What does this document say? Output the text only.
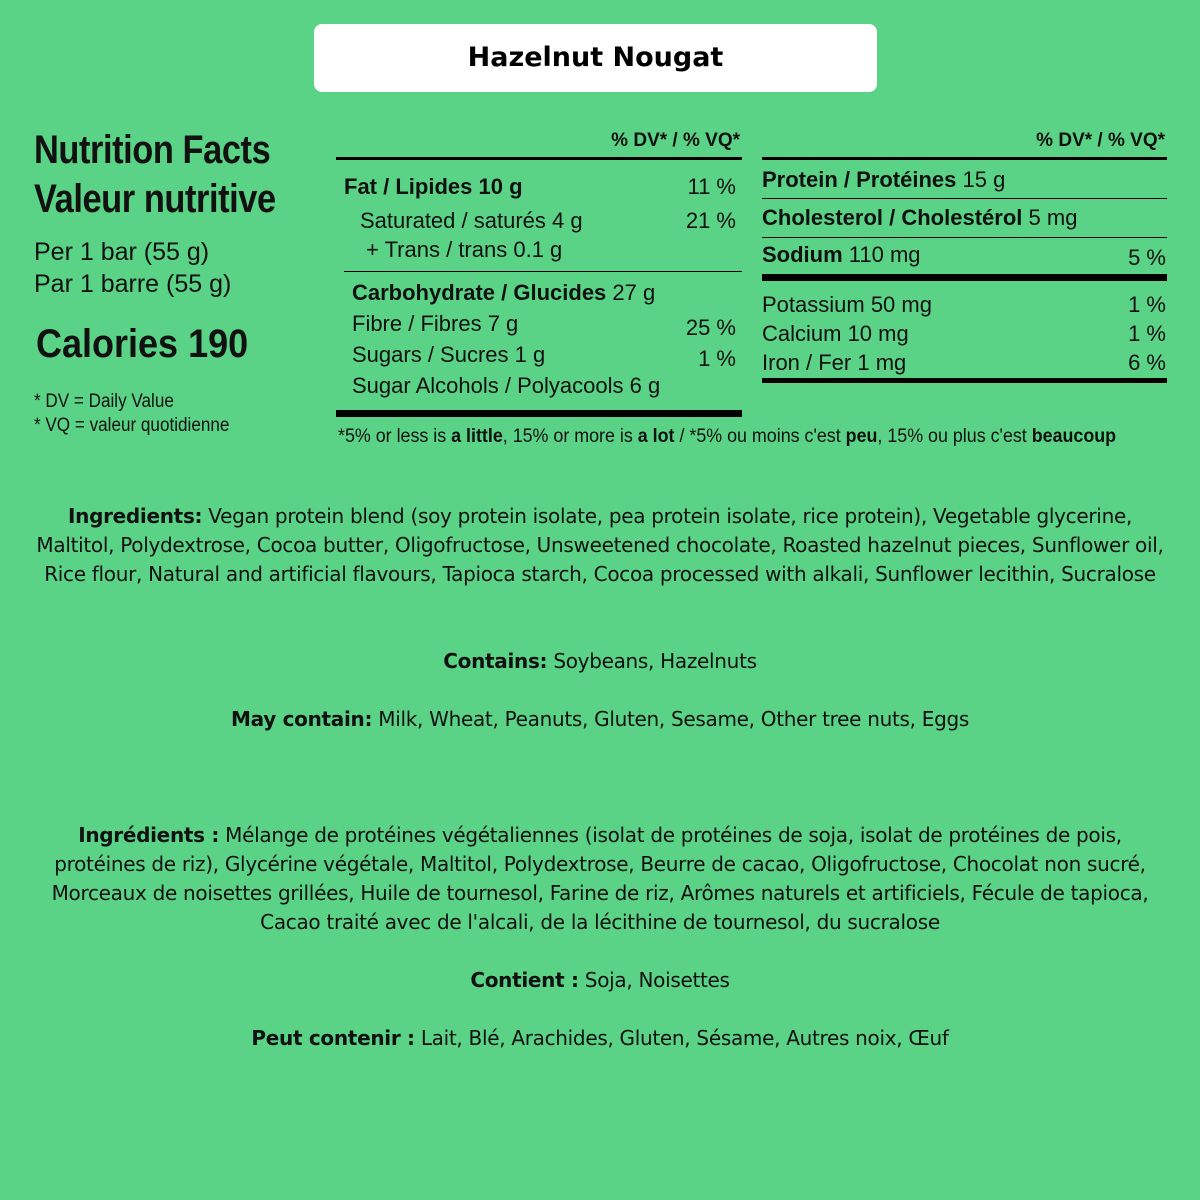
Hazelnut Nougat
Nutrition Facts
Valeur nutritive
Per 1 bar (55 g)
Par 1 barre (55 g)
Calories 190
* DV = Daily Value
* VQ = valeur quotidienne
% DV* / % VQ*
Fat / Lipides 10 g	11 %
Saturated / saturés 4 g	21 %
+ Trans / trans 0.1 g
Carbohydrate / Glucides 27 g
Fibre / Fibres 7 g	25 %
Sugars / Sucres 1 g	1 %
Sugar Alcohols / Polyacools 6 g
% DV* / % VQ*
Protein / Protéines 15 g
Cholesterol / Cholestérol 5 mg
Sodium 110 mg	5 %
Potassium 50 mg	1 %
Calcium 10 mg	1 %
Iron / Fer 1 mg	6 %
*5% or less is a little, 15% or more is a lot / *5% ou moins c'est peu, 15% ou plus c'est beaucoup
Ingredients: Vegan protein blend (soy protein isolate, pea protein isolate, rice protein), Vegetable glycerine, Maltitol, Polydextrose, Cocoa butter, Oligofructose, Unsweetened chocolate, Roasted hazelnut pieces, Sunflower oil, Rice flour, Natural and artificial flavours, Tapioca starch, Cocoa processed with alkali, Sunflower lecithin, Sucralose
Contains: Soybeans, Hazelnuts
May contain: Milk, Wheat, Peanuts, Gluten, Sesame, Other tree nuts, Eggs
Ingrédients : Mélange de protéines végétaliennes (isolat de protéines de soja, isolat de protéines de pois, protéines de riz), Glycérine végétale, Maltitol, Polydextrose, Beurre de cacao, Oligofructose, Chocolat non sucré, Morceaux de noisettes grillées, Huile de tournesol, Farine de riz, Arômes naturels et artificiels, Fécule de tapioca, Cacao traité avec de l'alcali, de la lécithine de tournesol, du sucralose
Contient : Soja, Noisettes
Peut contenir : Lait, Blé, Arachides, Gluten, Sésame, Autres noix, Œuf
